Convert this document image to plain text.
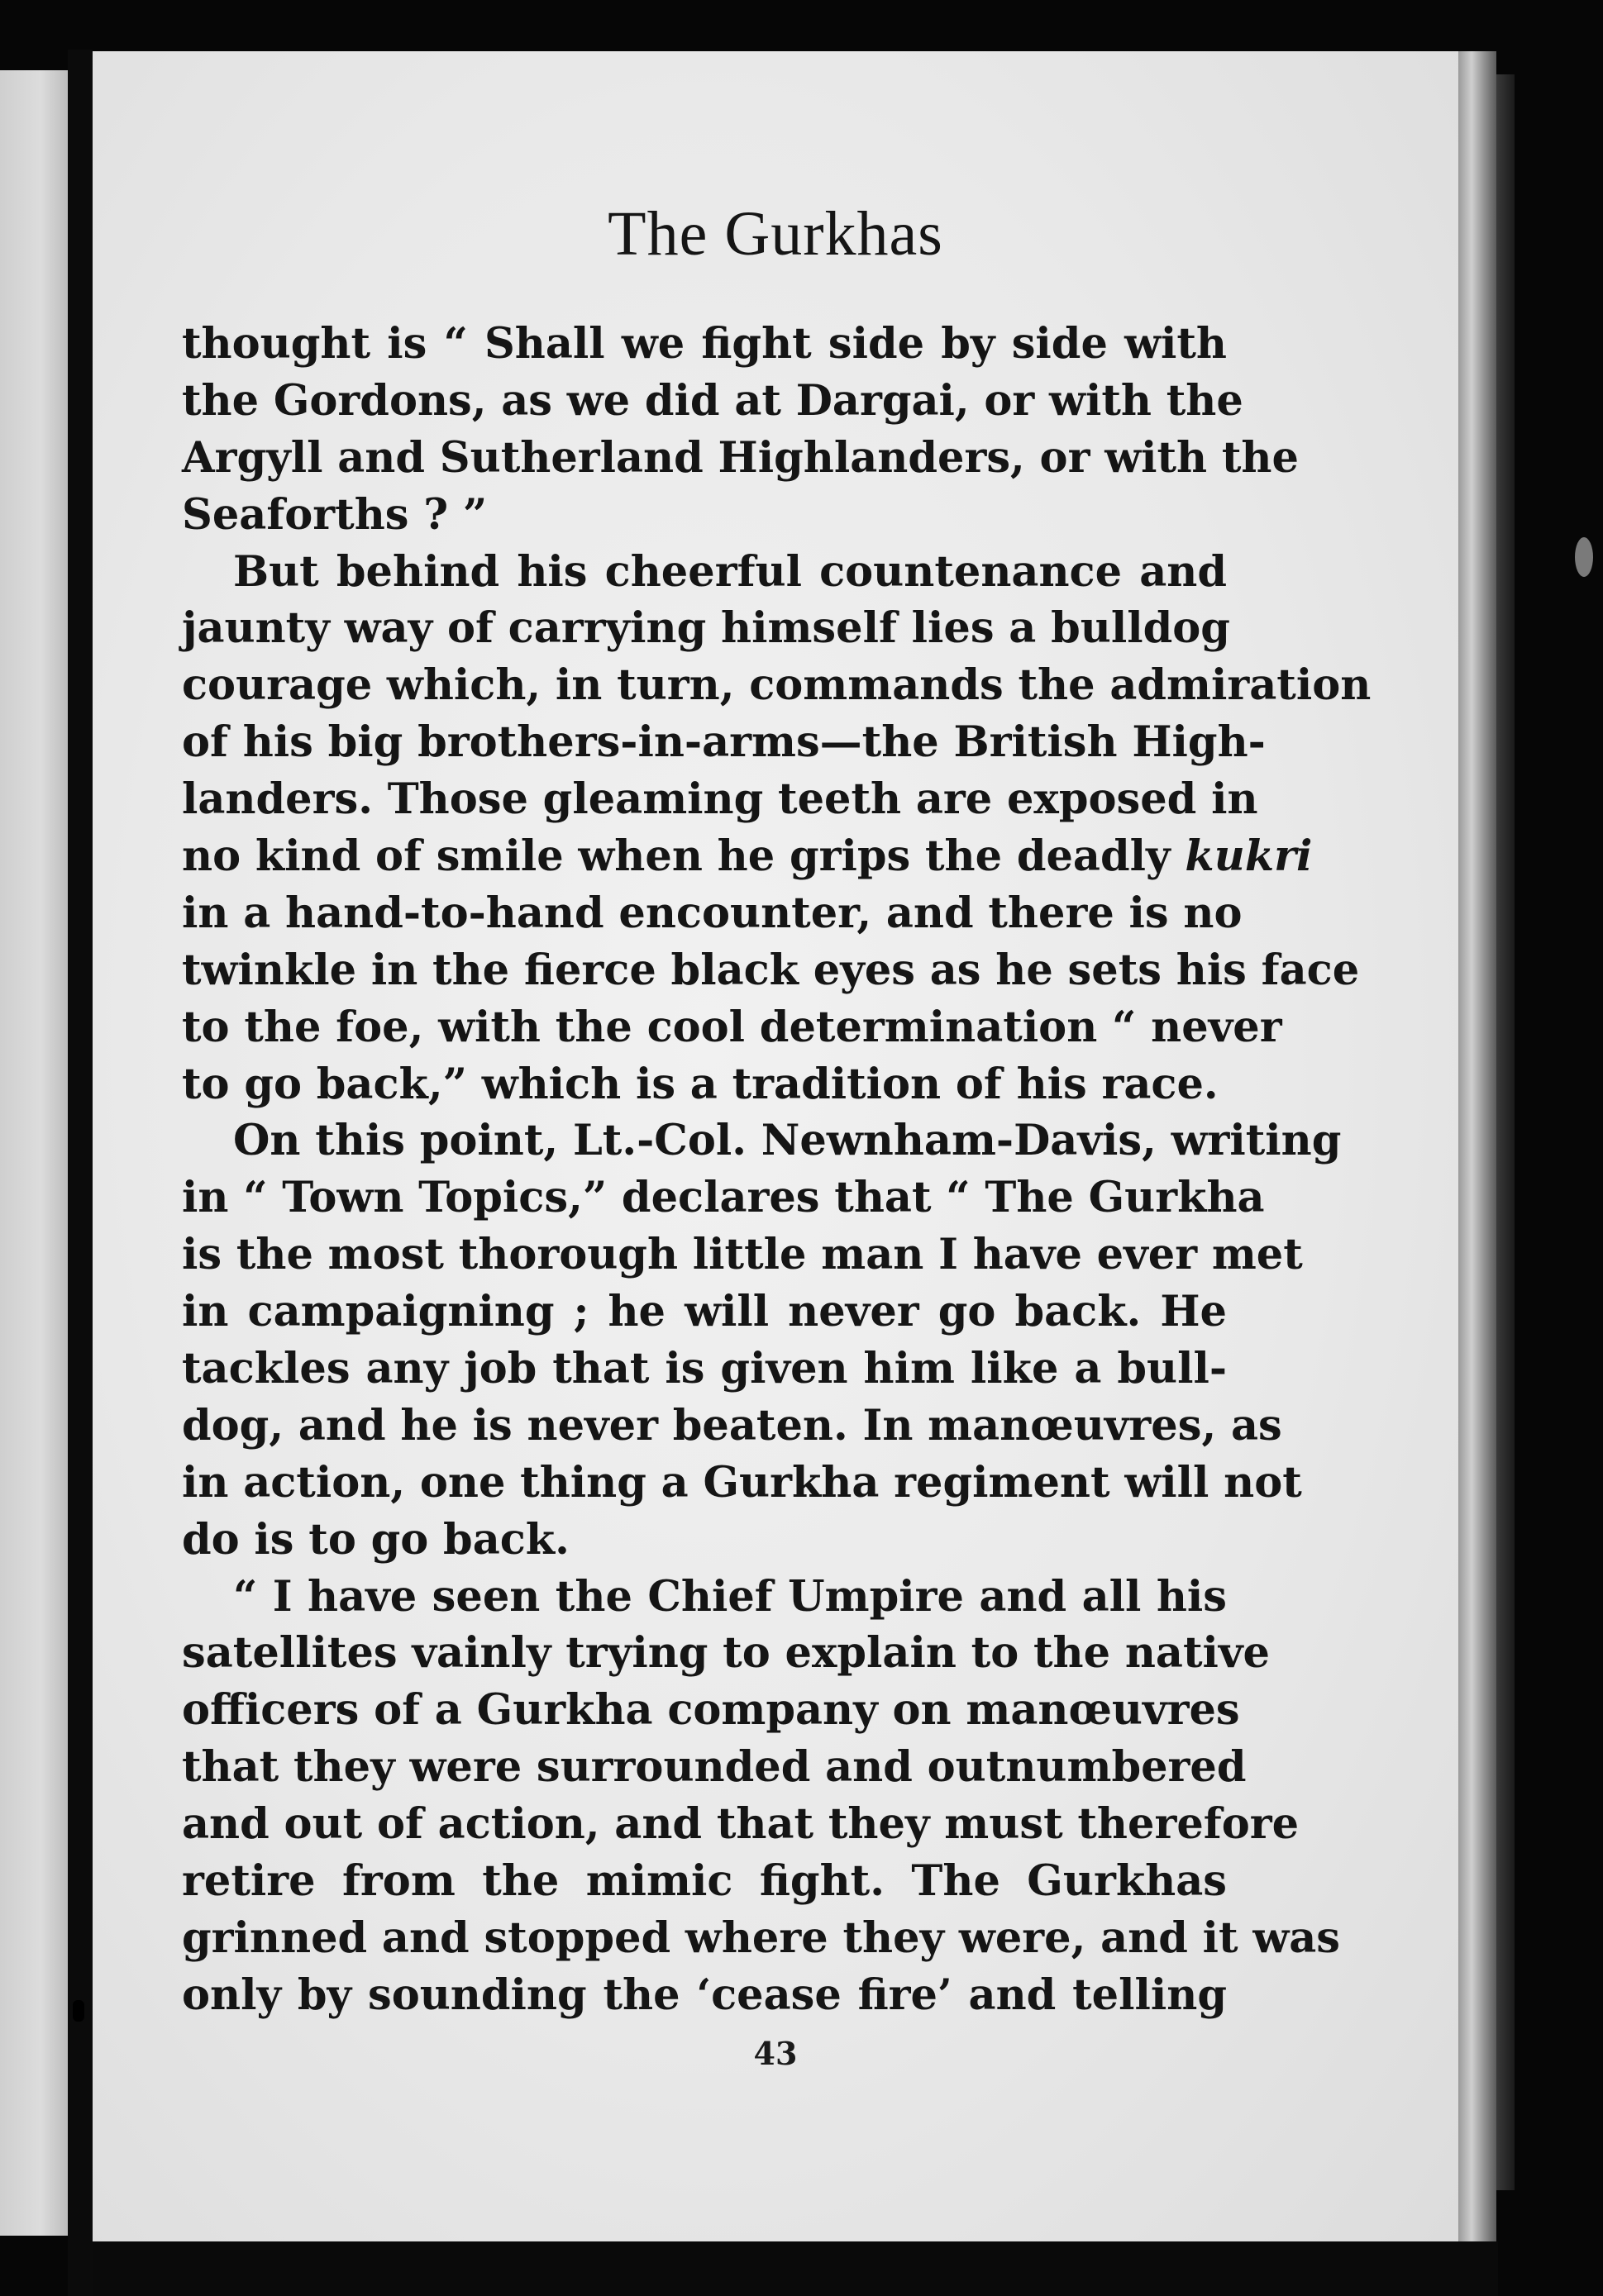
The Gurkhas
thought is “ Shall we fight side by side with
the Gordons, as we did at Dargai, or with the
Argyll and Sutherland Highlanders, or with the
Seaforths ? ”
But behind his cheerful countenance and
jaunty way of carrying himself lies a bulldog
courage which, in turn, commands the admiration
of his big brothers-in-arms—the British High-
landers. Those gleaming teeth are exposed in
no kind of smile when he grips the deadly kukri
in a hand-to-hand encounter, and there is no
twinkle in the fierce black eyes as he sets his face
to the foe, with the cool determination “ never
to go back,” which is a tradition of his race.
On this point, Lt.-Col. Newnham-Davis, writing
in “ Town Topics,” declares that “ The Gurkha
is the most thorough little man I have ever met
in campaigning ; he will never go back. He
tackles any job that is given him like a bull-
dog, and he is never beaten. In manœuvres, as
in action, one thing a Gurkha regiment will not
do is to go back.
“ I have seen the Chief Umpire and all his
satellites vainly trying to explain to the native
officers of a Gurkha company on manœuvres
that they were surrounded and outnumbered
and out of action, and that they must therefore
retire from the mimic fight. The Gurkhas
grinned and stopped where they were, and it was
only by sounding the ‘cease fire’ and telling
43
